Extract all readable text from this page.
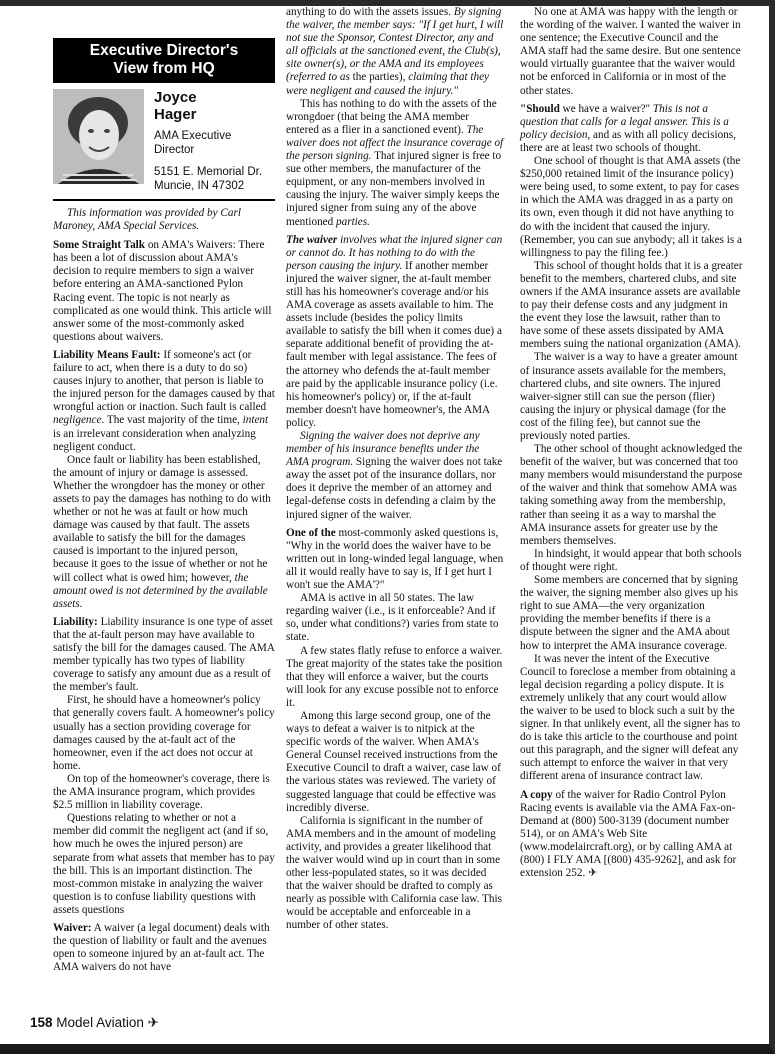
Executive Director's
View from HQ
Joyce
Hager
AMA Executive
Director
5151 E. Memorial Dr.
Muncie, IN 47302

This information was provided by Carl Maroney, AMA Special Services.

Some Straight Talk on AMA's Waivers: There has been a lot of discussion about AMA's decision to require members to sign a waiver before entering an AMA-sanctioned Pylon Racing event. The topic is not nearly as complicated as one would think. This article will answer some of the most-commonly asked questions about waivers.

Liability Means Fault: If someone's act (or failure to act, when there is a duty to do so) causes injury to another, that person is liable to the injured person for the damages caused by that wrongful action or inaction. Such fault is called negligence. The vast majority of the time, intent is an irrelevant consideration when analyzing negligent conduct.

Once fault or liability has been established, the amount of injury or damage is assessed. Whether the wrongdoer has the money or other assets to pay the damages has nothing to do with whether or not he was at fault or how much damage was caused by that fault. The assets available to satisfy the bill for the damages caused is important to the injured person, because it goes to the issue of whether or not he will collect what is owed him; however, the amount owed is not determined by the available assets.

Liability: Liability insurance is one type of asset that the at-fault person may have available to satisfy the bill for the damages caused. The AMA member typically has two types of liability coverage to satisfy any amount due as a result of the member's fault.

First, he should have a homeowner's policy that generally covers fault. A homeowner's policy usually has a section providing coverage for damages caused by the at-fault act of the homeowner, even if the act does not occur at home.

On top of the homeowner's coverage, there is the AMA insurance program, which provides $2.5 million in liability coverage.

Questions relating to whether or not a member did commit the negligent act (and if so, how much he owes the injured person) are separate from what assets that member has to pay the bill. This is an important distinction. The most-common mistake in analyzing the waiver question is to confuse liability questions with assets questions

Waiver: A waiver (a legal document) deals with the question of liability or fault and the avenues open to someone injured by an at-fault act. The AMA waivers do not have

anything to do with the assets issues. By signing the waiver, the member says: "If I get hurt, I will not sue the Sponsor, Contest Director, any and all officials at the sanctioned event, the Club(s), site owner(s), or the AMA and its employees (referred to as the parties), claiming that they were negligent and caused the injury."

This has nothing to do with the assets of the wrongdoer (that being the AMA member entered as a flier in a sanctioned event). The waiver does not affect the insurance coverage of the person signing. That injured signer is free to sue other members, the manufacturer of the equipment, or any non-members involved in causing the injury. The waiver simply keeps the injured signer from suing any of the above mentioned parties.

The waiver involves what the injured signer can or cannot do. It has nothing to do with the person causing the injury. If another member injured the waiver signer, the at-fault member still has his homeowner's coverage and/or his AMA coverage as assets available to him. The assets include (besides the policy limits available to satisfy the bill when it comes due) a separate additional benefit of providing the at-fault member with legal assistance. The fees of the attorney who defends the at-fault member are paid by the applicable insurance policy (i.e. his homeowner's policy) or, if the at-fault member doesn't have homeowner's, the AMA policy.

Signing the waiver does not deprive any member of his insurance benefits under the AMA program. Signing the waiver does not take away the asset pot of the insurance dollars, nor does it deprive the member of an attorney and legal-defense costs in defending a claim by the injured signer of the waiver.

One of the most-commonly asked questions is, "Why in the world does the waiver have to be written out in long-winded legal language, when all it would really have to say is, If I get hurt I won't sue the AMA'?"

AMA is active in all 50 states. The law regarding waiver (i.e., is it enforceable? And if so, under what conditions?) varies from state to state.

A few states flatly refuse to enforce a waiver. The great majority of the states take the position that they will enforce a waiver, but the courts will look for any excuse possible not to enforce it.

Among this large second group, one of the ways to defeat a waiver is to nitpick at the specific words of the waiver. When AMA's General Counsel received instructions from the Executive Council to draft a waiver, case law of the various states was reviewed. The variety of suggested language that could be effective was incredibly diverse.

California is significant in the number of AMA members and in the amount of modeling activity, and provides a greater likelihood that the waiver would wind up in court than in some other less-populated states, so it was decided that the waiver should be drafted to comply as nearly as possible with California case law. This would be acceptable and enforceable in a number of other states.

No one at AMA was happy with the length or the wording of the waiver. I wanted the waiver in one sentence; the Executive Council and the AMA staff had the same desire. But one sentence would virtually guarantee that the waiver would not be enforced in California or in most of the other states.

"Should we have a waiver?" This is not a question that calls for a legal answer. This is a policy decision, and as with all policy decisions, there are at least two schools of thought.

One school of thought is that AMA assets (the $250,000 retained limit of the insurance policy) were being used, to some extent, to pay for cases in which the AMA was dragged in as a party on its own, even though it did not have anything to do with the incident that caused the injury. (Remember, you can sue anybody; all it takes is a willingness to pay the filing fee.)

This school of thought holds that it is a greater benefit to the members, chartered clubs, and site owners if the AMA insurance assets are available to pay their defense costs and any judgment in the event they lose the lawsuit, rather than to have some of these assets dissipated by AMA members suing the national organization (AMA).

The waiver is a way to have a greater amount of insurance assets available for the members, chartered clubs, and site owners. The injured waiver-signer still can sue the person (flier) causing the injury or physical damage (for the cost of the filing fee), but cannot sue the previously noted parties.

The other school of thought acknowledged the benefit of the waiver, but was concerned that too many members would misunderstand the purpose of the waiver and think that somehow AMA was taking something away from the membership, rather than seeing it as a way to marshal the AMA insurance assets for greater use by the members themselves.

In hindsight, it would appear that both schools of thought were right.

Some members are concerned that by signing the waiver, the signing member also gives up his right to sue AMA—the very organization providing the member benefits if there is a dispute between the signer and the AMA about how to interpret the AMA insurance coverage.

It was never the intent of the Executive Council to foreclose a member from obtaining a legal decision regarding a policy dispute. It is extremely unlikely that any court would allow the waiver to be used to block such a suit by the signer. In that unlikely event, all the signer has to do is take this article to the courthouse and point out this paragraph, and the signer will defeat any such attempt to enforce the waiver in that very different arena of insurance contract law.

A copy of the waiver for Radio Control Pylon Racing events is available via the AMA Fax-on-Demand at (800) 500-3139 (document number 514), or on AMA's Web Site (www.modelaircraft.org), or by calling AMA at (800) I FLY AMA [(800) 435-9262], and ask for extension 252. ✈

158 Model Aviation ✈
